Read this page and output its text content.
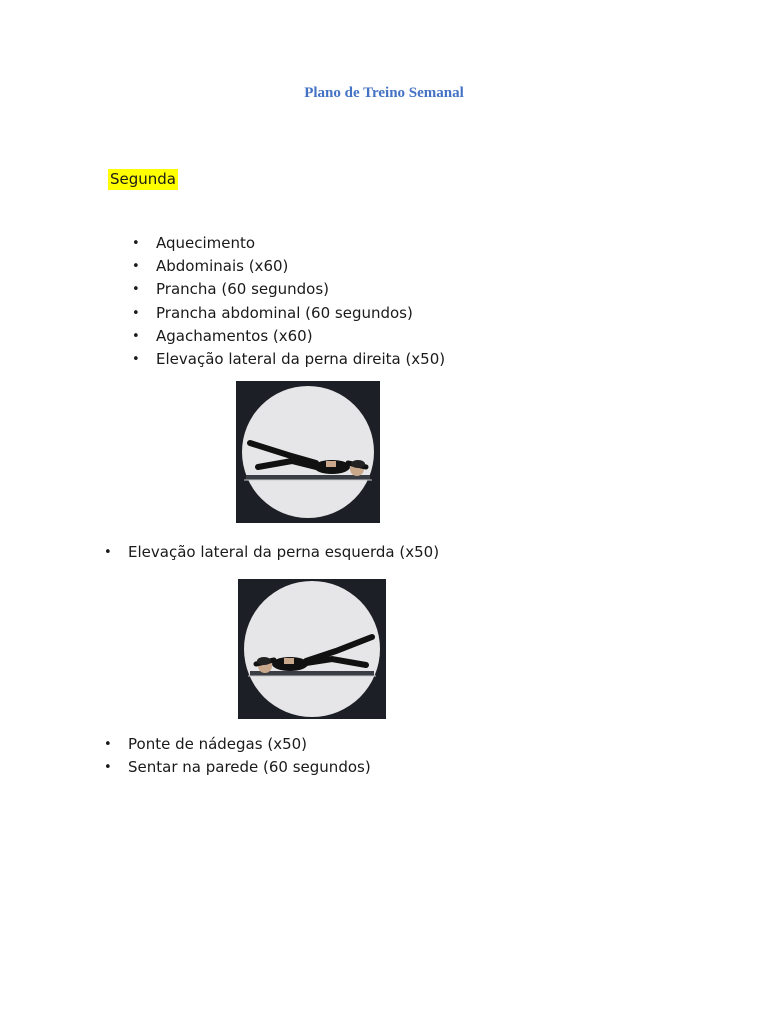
Plano de Treino Semanal
Segunda
• Aquecimento
• Abdominais (x60)
• Prancha (60 segundos)
• Prancha abdominal (60 segundos)
• Agachamentos (x60)
• Elevação lateral da perna direita (x50)
• Elevação lateral da perna esquerda (x50)
• Ponte de nádegas (x50)
• Sentar na parede (60 segundos)
